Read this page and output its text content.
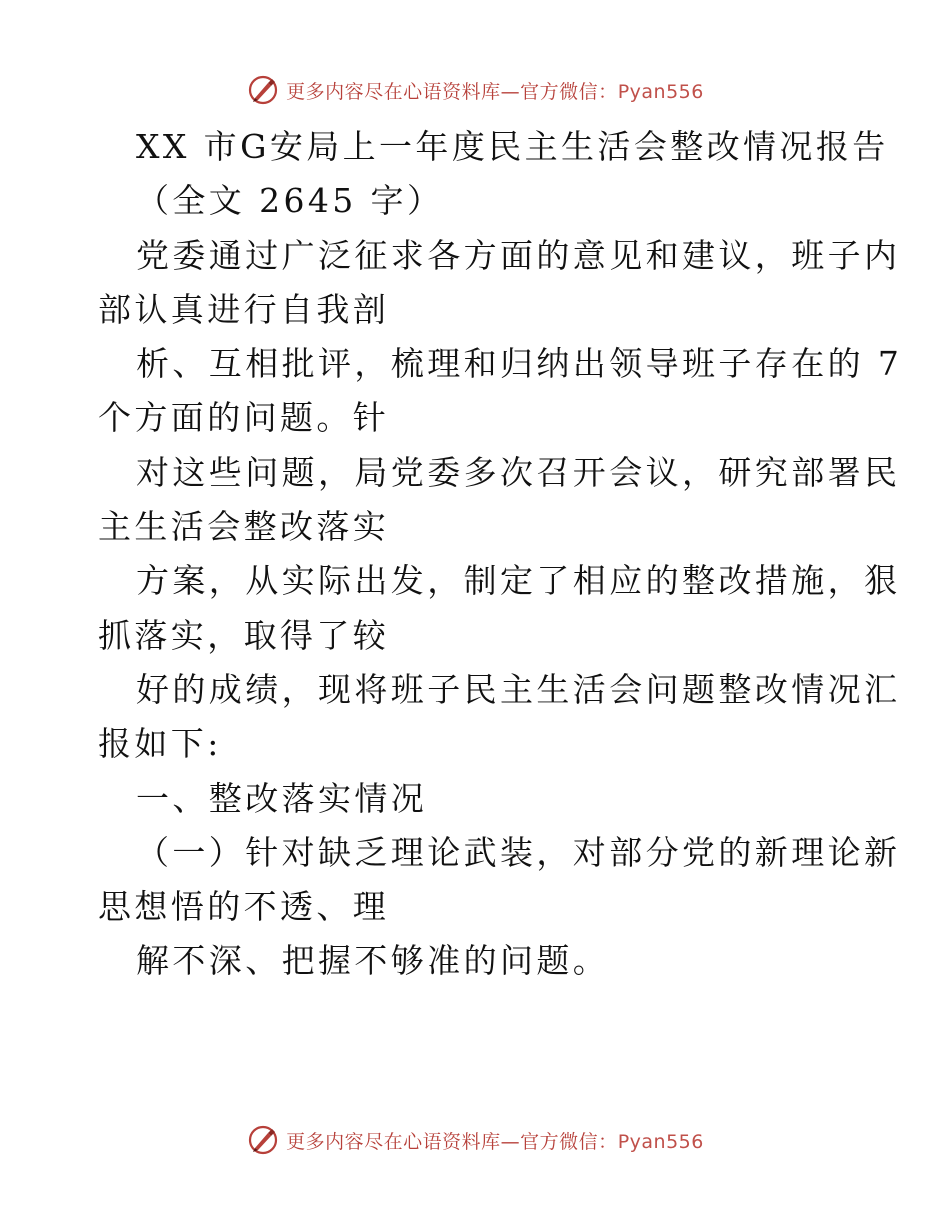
更多内容尽在心语资料库—官方微信：Pyan556
XX 市G安局上一年度民主生活会整改情况报告
（全文 2645 字）
党委通过广泛征求各方面的意见和建议，班子内
部认真进行自我剖
析、互相批评，梳理和归纳出领导班子存在的 7
个方面的问题。针
对这些问题，局党委多次召开会议，研究部署民
主生活会整改落实
方案，从实际出发，制定了相应的整改措施，狠
抓落实，取得了较
好的成绩，现将班子民主生活会问题整改情况汇
报如下:
一、整改落实情况
（一）针对缺乏理论武装，对部分党的新理论新
思想悟的不透、理
解不深、把握不够准的问题。
更多内容尽在心语资料库—官方微信：Pyan556
